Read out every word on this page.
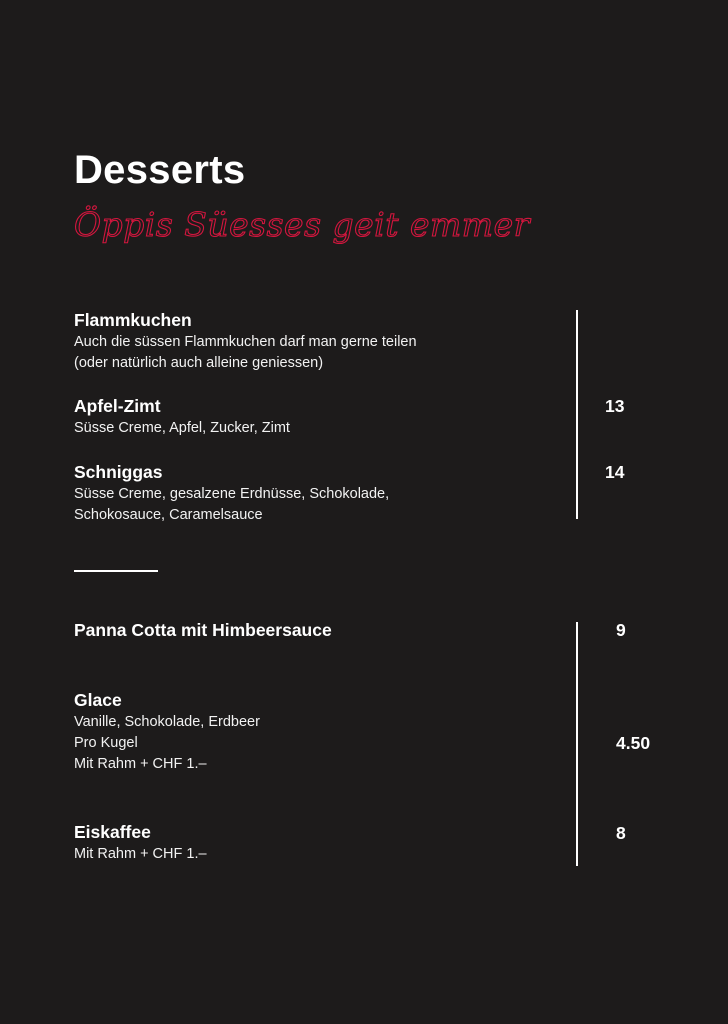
Desserts
Öppis Süesses geit emmer
Flammkuchen
Auch die süssen Flammkuchen darf man gerne teilen
(oder natürlich auch alleine geniessen)
Apfel-Zimt
Süsse Creme, Apfel, Zucker, Zimt
13
Schniggas
Süsse Creme, gesalzene Erdnüsse, Schokolade,
Schokosauce, Caramelsauce
14
Panna Cotta mit Himbeersauce	9
Glace
Vanille, Schokolade, Erdbeer
Pro Kugel
Mit Rahm + CHF 1.–
4.50
Eiskaffee
Mit Rahm + CHF 1.–
8
